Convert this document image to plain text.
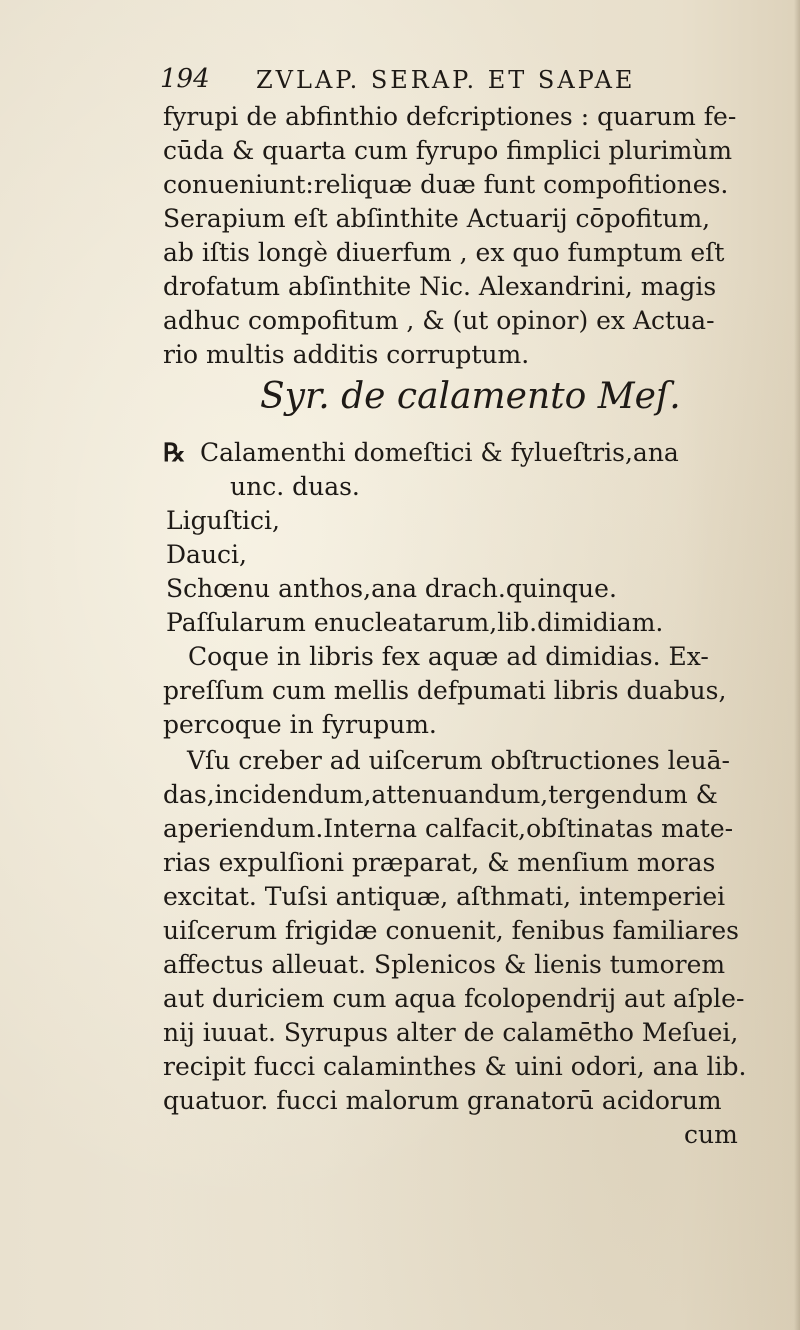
194 ZVLAP. SERAP. ET SAPAE
fyrupi de abfinthio defcriptiones : quarum fe-
cūda & quarta cum fyrupo fimplici plurimùm
conueniunt:reliquæ duæ funt compofitiones.
Serapium eſt abſinthite Actuarij cōpofitum,
ab iſtis longè diuerfum , ex quo fumptum eſt
drofatum abſinthite Nic. Alexandrini, magis
adhuc compofitum , & (ut opinor) ex Actua-
rio multis additis corruptum.
Syr. de calamento Meſ.
℞ Calamenthi domeſtici & fylueſtris,ana
unc. duas.
Liguſtici,
Dauci,
Schœnu anthos,ana drach.quinque.
Paſſularum enucleatarum,lib.dimidiam.
Coque in libris fex aquæ ad dimidias. Ex-
preſſum cum mellis defpumati libris duabus,
percoque in fyrupum.
Vſu creber ad uiſcerum obſtructiones leuā-
das,incidendum,attenuandum,tergendum &
aperiendum.Interna calfacit,obſtinatas mate-
rias expulſioni præparat, & menſium moras
excitat. Tuſsi antiquæ, aſthmati, intemperiei
uiſcerum frigidæ conuenit, fenibus familiares
affectus alleuat. Splenicos & lienis tumorem
aut duriciem cum aqua fcolopendrij aut aſple-
nij iuuat. Syrupus alter de calamētho Meſuei,
recipit fucci calaminthes & uini odori, ana lib.
quatuor. fucci malorum granatorū acidorum
cum
